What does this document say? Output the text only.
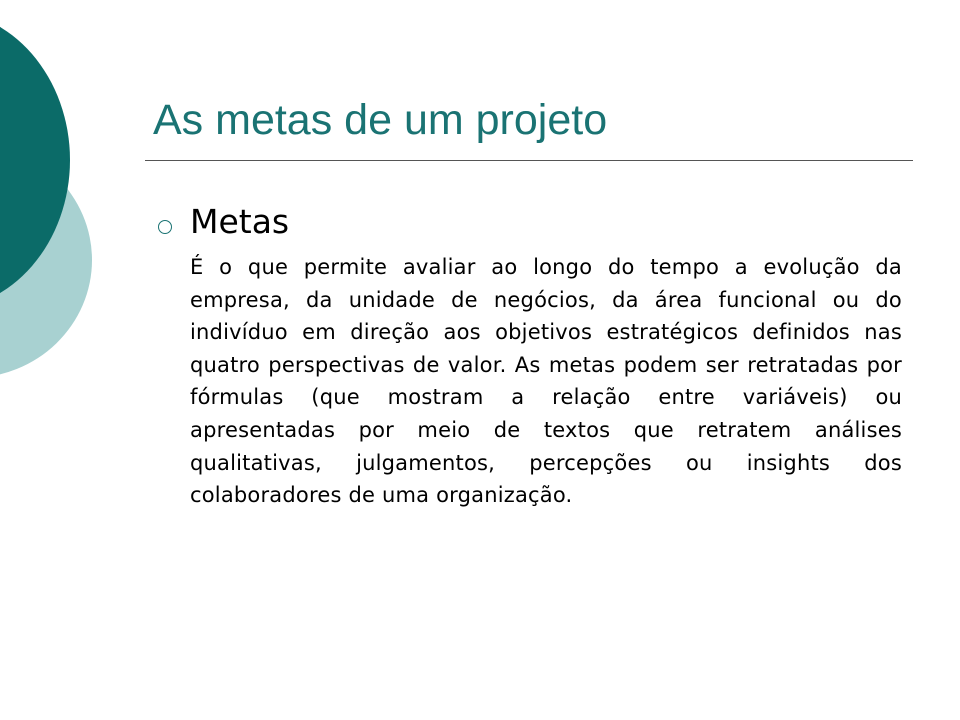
As metas de um projeto
Metas

É o que permite avaliar ao longo do tempo a evolução da empresa, da unidade de negócios, da área funcional ou do indivíduo em direção aos objetivos estratégicos definidos nas quatro perspectivas de valor. As metas podem ser retratadas por fórmulas (que mostram a relação entre variáveis) ou apresentadas por meio de textos que retratem análises qualitativas, julgamentos, percepções ou insights dos colaboradores de uma organização.
